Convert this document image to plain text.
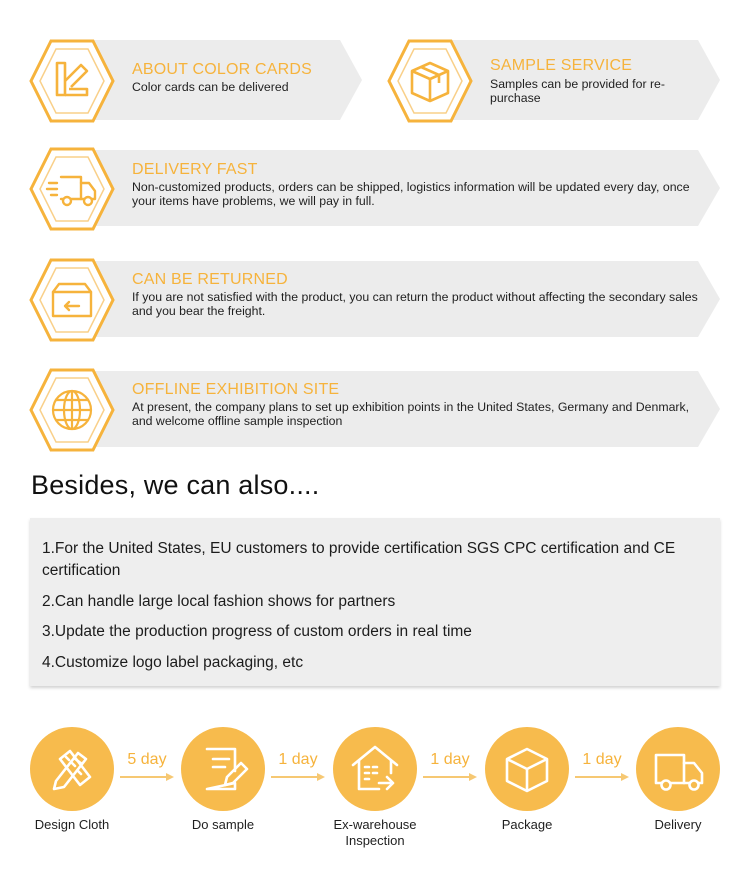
ABOUT COLOR CARDS
Color cards can be delivered
SAMPLE SERVICE
Samples can be provided for re-purchase
DELIVERY FAST
Non-customized products, orders can be shipped, logistics information will be updated every day, once your items have problems, we will pay in full.
CAN BE RETURNED
If you are not satisfied with the product, you can return the product without affecting the secondary sales and you bear the freight.
OFFLINE EXHIBITION SITE
At present, the company plans to set up exhibition points in the United States, Germany and Denmark, and welcome offline sample inspection
Besides, we can also....
1.For the United States, EU customers to provide certification SGS CPC certification and CE certification
2.Can handle large local fashion shows for partners
3.Update the production progress of custom orders in real time
4.Customize logo label packaging, etc
Design Cloth
5 day
Do sample
1 day
Ex-warehouse Inspection
1 day
Package
1 day
Delivery
